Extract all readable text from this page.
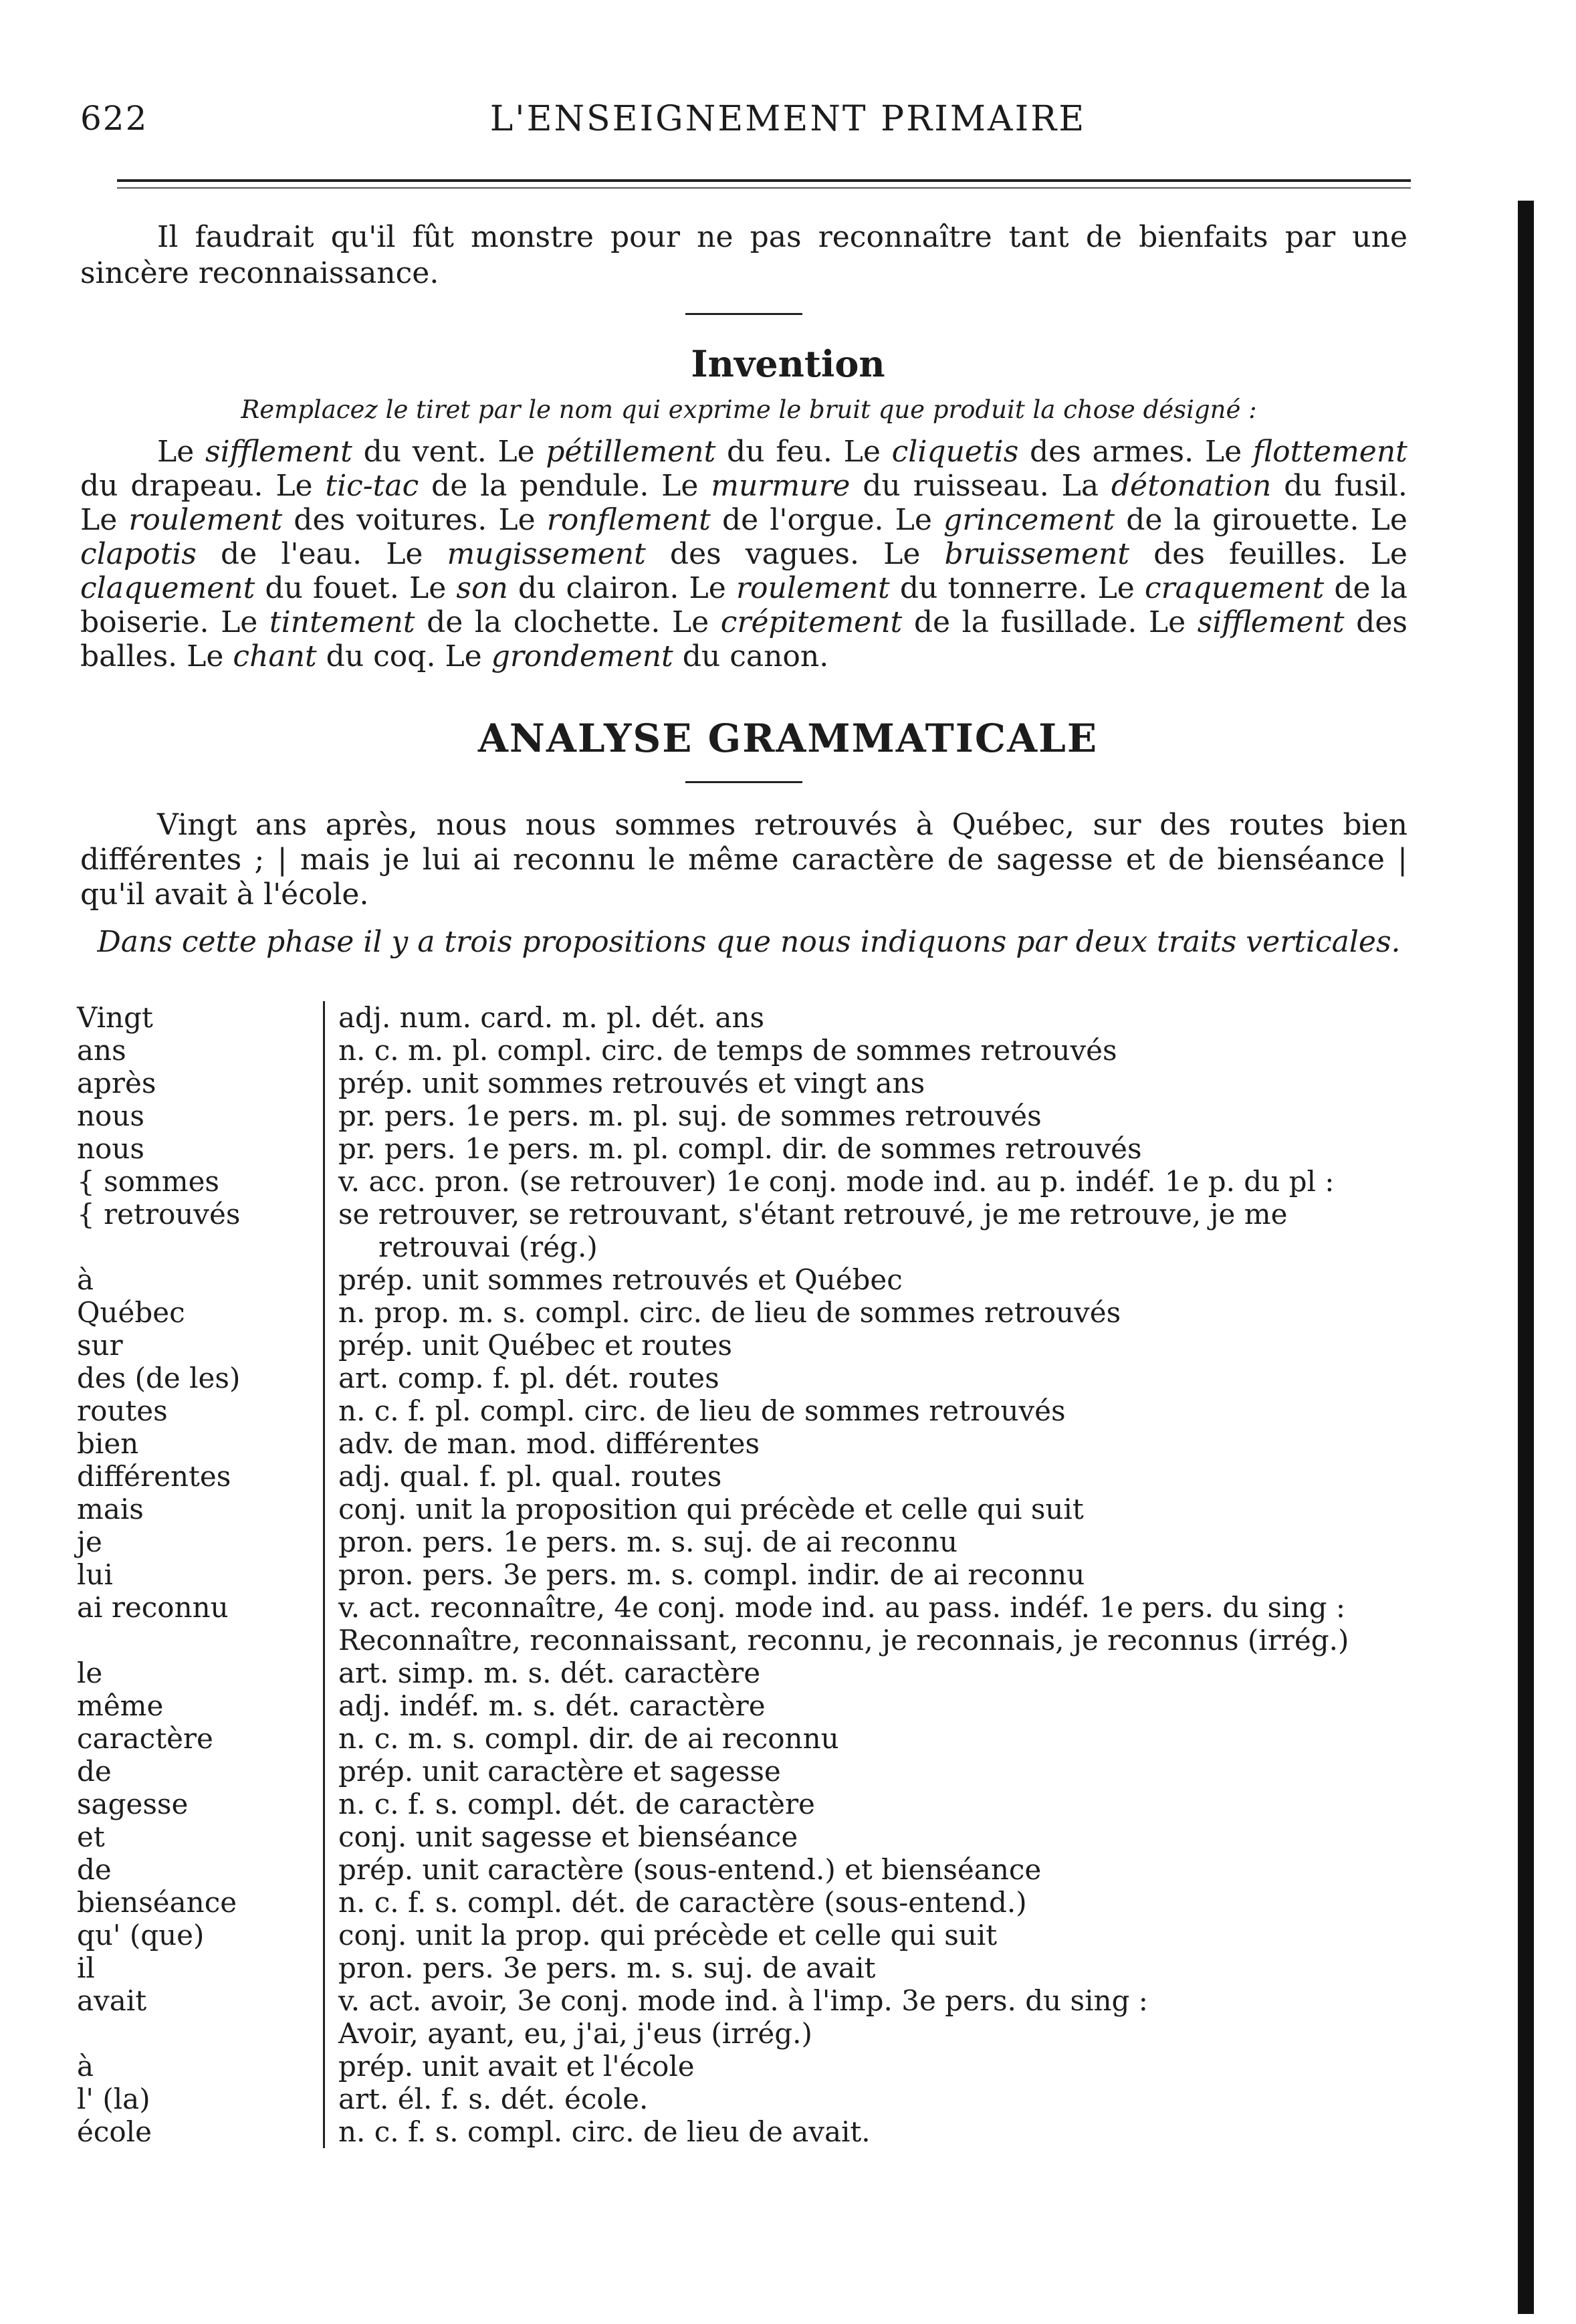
622	L'ENSEIGNEMENT PRIMAIRE

Il faudrait qu'il fût monstre pour ne pas reconnaître tant de bienfaits par une sincère reconnaissance.

Invention
Remplacez le tiret par le nom qui exprime le bruit que produit la chose désigné :
Le sifflement du vent. Le pétillement du feu. Le cliquetis des armes. Le flottement du drapeau. Le tic-tac de la pendule. Le murmure du ruisseau. La détonation du fusil. Le roulement des voitures. Le ronflement de l'orgue. Le grincement de la girouette. Le clapotis de l'eau. Le mugissement des vagues. Le bruissement des feuilles. Le claquement du fouet. Le son du clairon. Le roulement du tonnerre. Le craquement de la boiserie. Le tintement de la clochette. Le crépitement de la fusillade. Le sifflement des balles. Le chant du coq. Le grondement du canon.
ANALYSE GRAMMATICALE

Vingt ans après, nous nous sommes retrouvés à Québec, sur des routes bien différentes ; | mais je lui ai reconnu le même caractère de sagesse et de bienséance | qu'il avait à l'école.

Dans cette phase il y a trois propositions que nous indiquons par deux traits verticales.
Vingt	adj. num. card. m. pl. dét. ans
ans	n. c. m. pl. compl. circ. de temps de sommes retrouvés
après	prép. unit sommes retrouvés et vingt ans
nous	pr. pers. 1e pers. m. pl. suj. de sommes retrouvés
nous	pr. pers. 1e pers. m. pl. compl. dir. de sommes retrouvés
{ sommes	v. acc. pron. (se retrouver) 1e conj. mode ind. au p. indéf. 1e p. du pl :
{ retrouvés	se retrouver, se retrouvant, s'étant retrouvé, je me retrouve, je me
retrouvai (rég.)
à	prép. unit sommes retrouvés et Québec
Québec	n. prop. m. s. compl. circ. de lieu de sommes retrouvés
sur	prép. unit Québec et routes
des (de les)	art. comp. f. pl. dét. routes
routes	n. c. f. pl. compl. circ. de lieu de sommes retrouvés
bien	adv. de man. mod. différentes
différentes	adj. qual. f. pl. qual. routes
mais	conj. unit la proposition qui précède et celle qui suit
je	pron. pers. 1e pers. m. s. suj. de ai reconnu
lui	pron. pers. 3e pers. m. s. compl. indir. de ai reconnu
ai reconnu	v. act. reconnaître, 4e conj. mode ind. au pass. indéf. 1e pers. du sing :
Reconnaître, reconnaissant, reconnu, je reconnais, je reconnus (irrég.)
le	art. simp. m. s. dét. caractère
même	adj. indéf. m. s. dét. caractère
caractère	n. c. m. s. compl. dir. de ai reconnu
de	prép. unit caractère et sagesse
sagesse	n. c. f. s. compl. dét. de caractère
et	conj. unit sagesse et bienséance
de	prép. unit caractère (sous-entend.) et bienséance
bienséance	n. c. f. s. compl. dét. de caractère (sous-entend.)
qu' (que)	conj. unit la prop. qui précède et celle qui suit
il	pron. pers. 3e pers. m. s. suj. de avait
avait	v. act. avoir, 3e conj. mode ind. à l'imp. 3e pers. du sing :
Avoir, ayant, eu, j'ai, j'eus (irrég.)
à	prép. unit avait et l'école
l' (la)	art. él. f. s. dét. école.
école	n. c. f. s. compl. circ. de lieu de avait.
